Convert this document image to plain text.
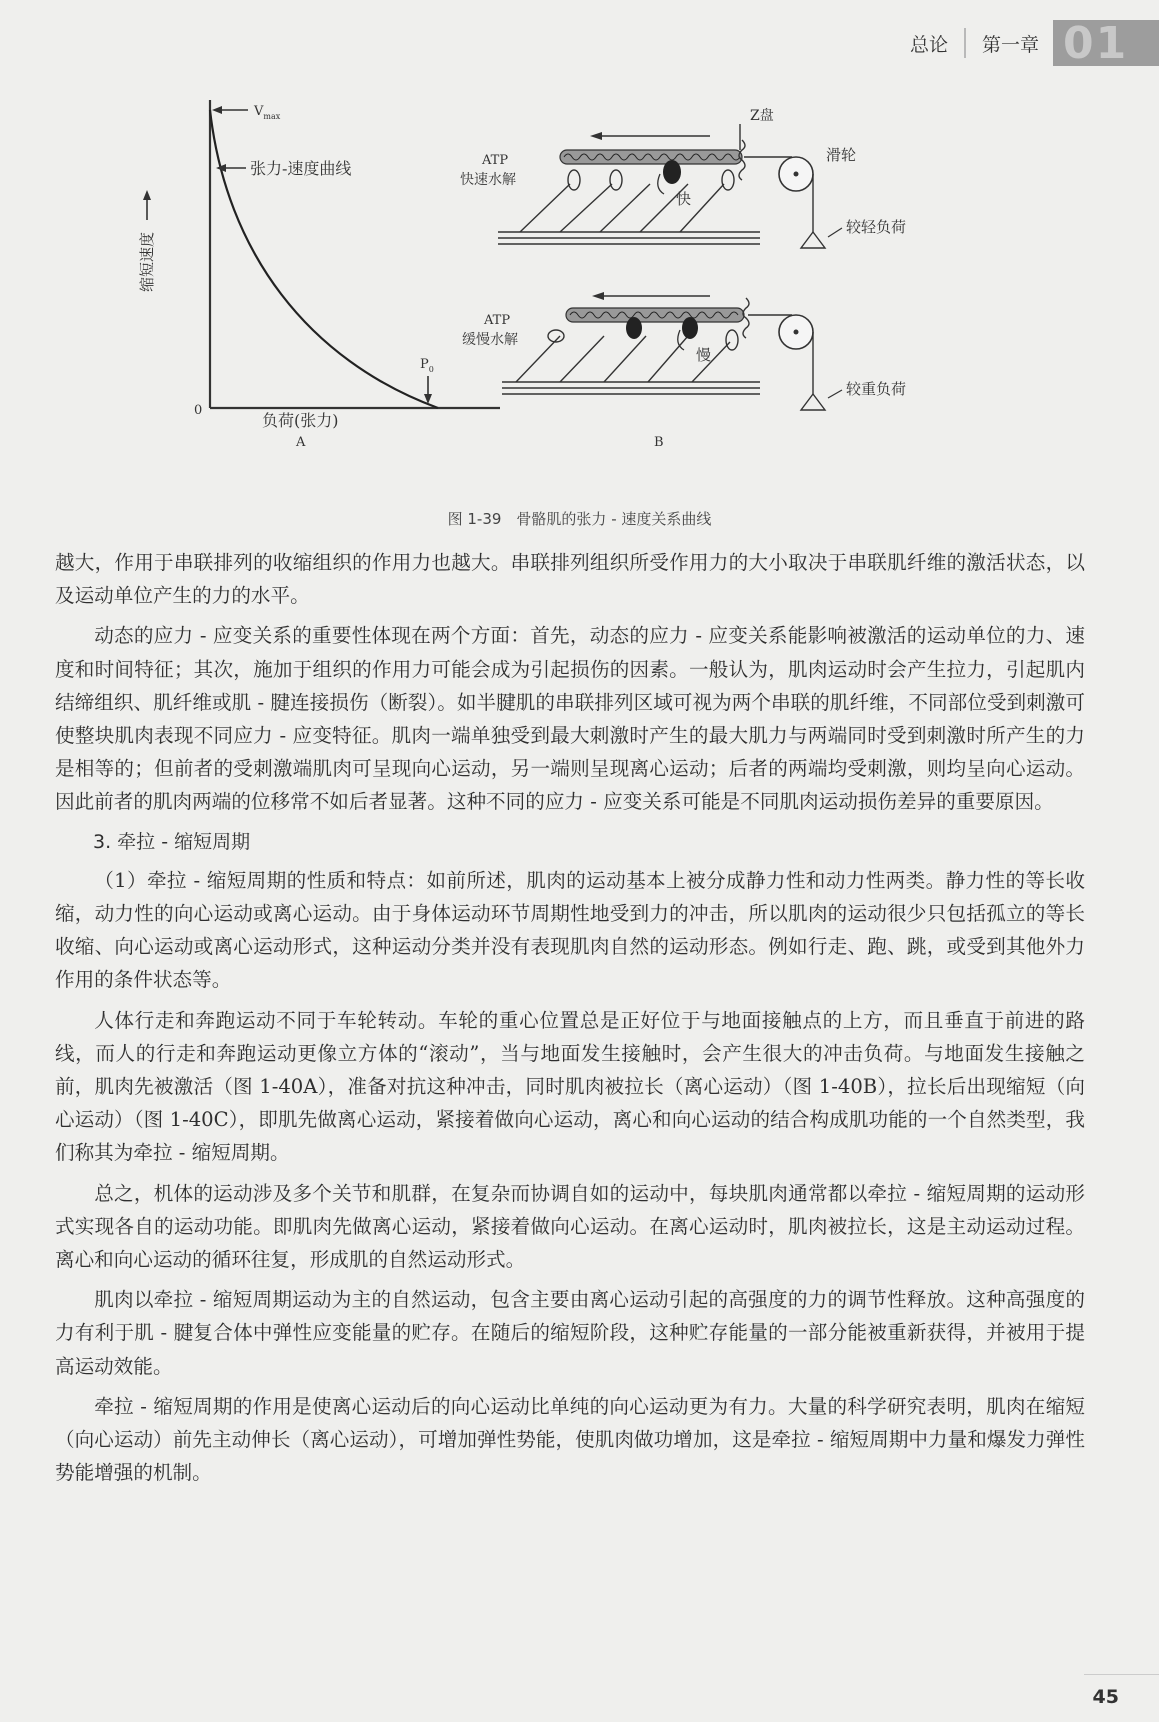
总论 第一章 01
$V_{max}$
张力-速度曲线
缩短速度
0
负荷(张力)
$P_0$
A
Z盘
ATP
快速水解
滑轮
较轻负荷
快
ATP
缓慢水解
较重负荷
慢
B
图 1-39　骨骼肌的张力 - 速度关系曲线

越大，作用于串联排列的收缩组织的作用力也越大。串联排列组织所受作用力的大小取决于串联肌纤维的激活状态，以及运动单位产生的力的水平。

动态的应力 - 应变关系的重要性体现在两个方面：首先，动态的应力 - 应变关系能影响被激活的运动单位的力、速度和时间特征；其次，施加于组织的作用力可能会成为引起损伤的因素。一般认为，肌肉运动时会产生拉力，引起肌内结缔组织、肌纤维或肌 - 腱连接损伤（断裂）。如半腱肌的串联排列区域可视为两个串联的肌纤维，不同部位受到刺激可使整块肌肉表现不同应力 - 应变特征。肌肉一端单独受到最大刺激时产生的最大肌力与两端同时受到刺激时所产生的力是相等的；但前者的受刺激端肌肉可呈现向心运动，另一端则呈现离心运动；后者的两端均受刺激，则均呈向心运动。因此前者的肌肉两端的位移常不如后者显著。这种不同的应力 - 应变关系可能是不同肌肉运动损伤差异的重要原因。

3. 牵拉 - 缩短周期

（1）牵拉 - 缩短周期的性质和特点：如前所述，肌肉的运动基本上被分成静力性和动力性两类。静力性的等长收缩，动力性的向心运动或离心运动。由于身体运动环节周期性地受到力的冲击，所以肌肉的运动很少只包括孤立的等长收缩、向心运动或离心运动形式，这种运动分类并没有表现肌肉自然的运动形态。例如行走、跑、跳，或受到其他外力作用的条件状态等。

人体行走和奔跑运动不同于车轮转动。车轮的重心位置总是正好位于与地面接触点的上方，而且垂直于前进的路线，而人的行走和奔跑运动更像立方体的“滚动”，当与地面发生接触时，会产生很大的冲击负荷。与地面发生接触之前，肌肉先被激活（图 1-40A），准备对抗这种冲击，同时肌肉被拉长（离心运动）（图 1-40B），拉长后出现缩短（向心运动）（图 1-40C），即肌先做离心运动，紧接着做向心运动，离心和向心运动的结合构成肌功能的一个自然类型，我们称其为牵拉 - 缩短周期。

总之，机体的运动涉及多个关节和肌群，在复杂而协调自如的运动中，每块肌肉通常都以牵拉 - 缩短周期的运动形式实现各自的运动功能。即肌肉先做离心运动，紧接着做向心运动。在离心运动时，肌肉被拉长，这是主动运动过程。离心和向心运动的循环往复，形成肌的自然运动形式。

肌肉以牵拉 - 缩短周期运动为主的自然运动，包含主要由离心运动引起的高强度的力的调节性释放。这种高强度的力有利于肌 - 腱复合体中弹性应变能量的贮存。在随后的缩短阶段，这种贮存能量的一部分能被重新获得，并被用于提高运动效能。

牵拉 - 缩短周期的作用是使离心运动后的向心运动比单纯的向心运动更为有力。大量的科学研究表明，肌肉在缩短（向心运动）前先主动伸长（离心运动），可增加弹性势能，使肌肉做功增加，这是牵拉 - 缩短周期中力量和爆发力弹性势能增强的机制。

45
